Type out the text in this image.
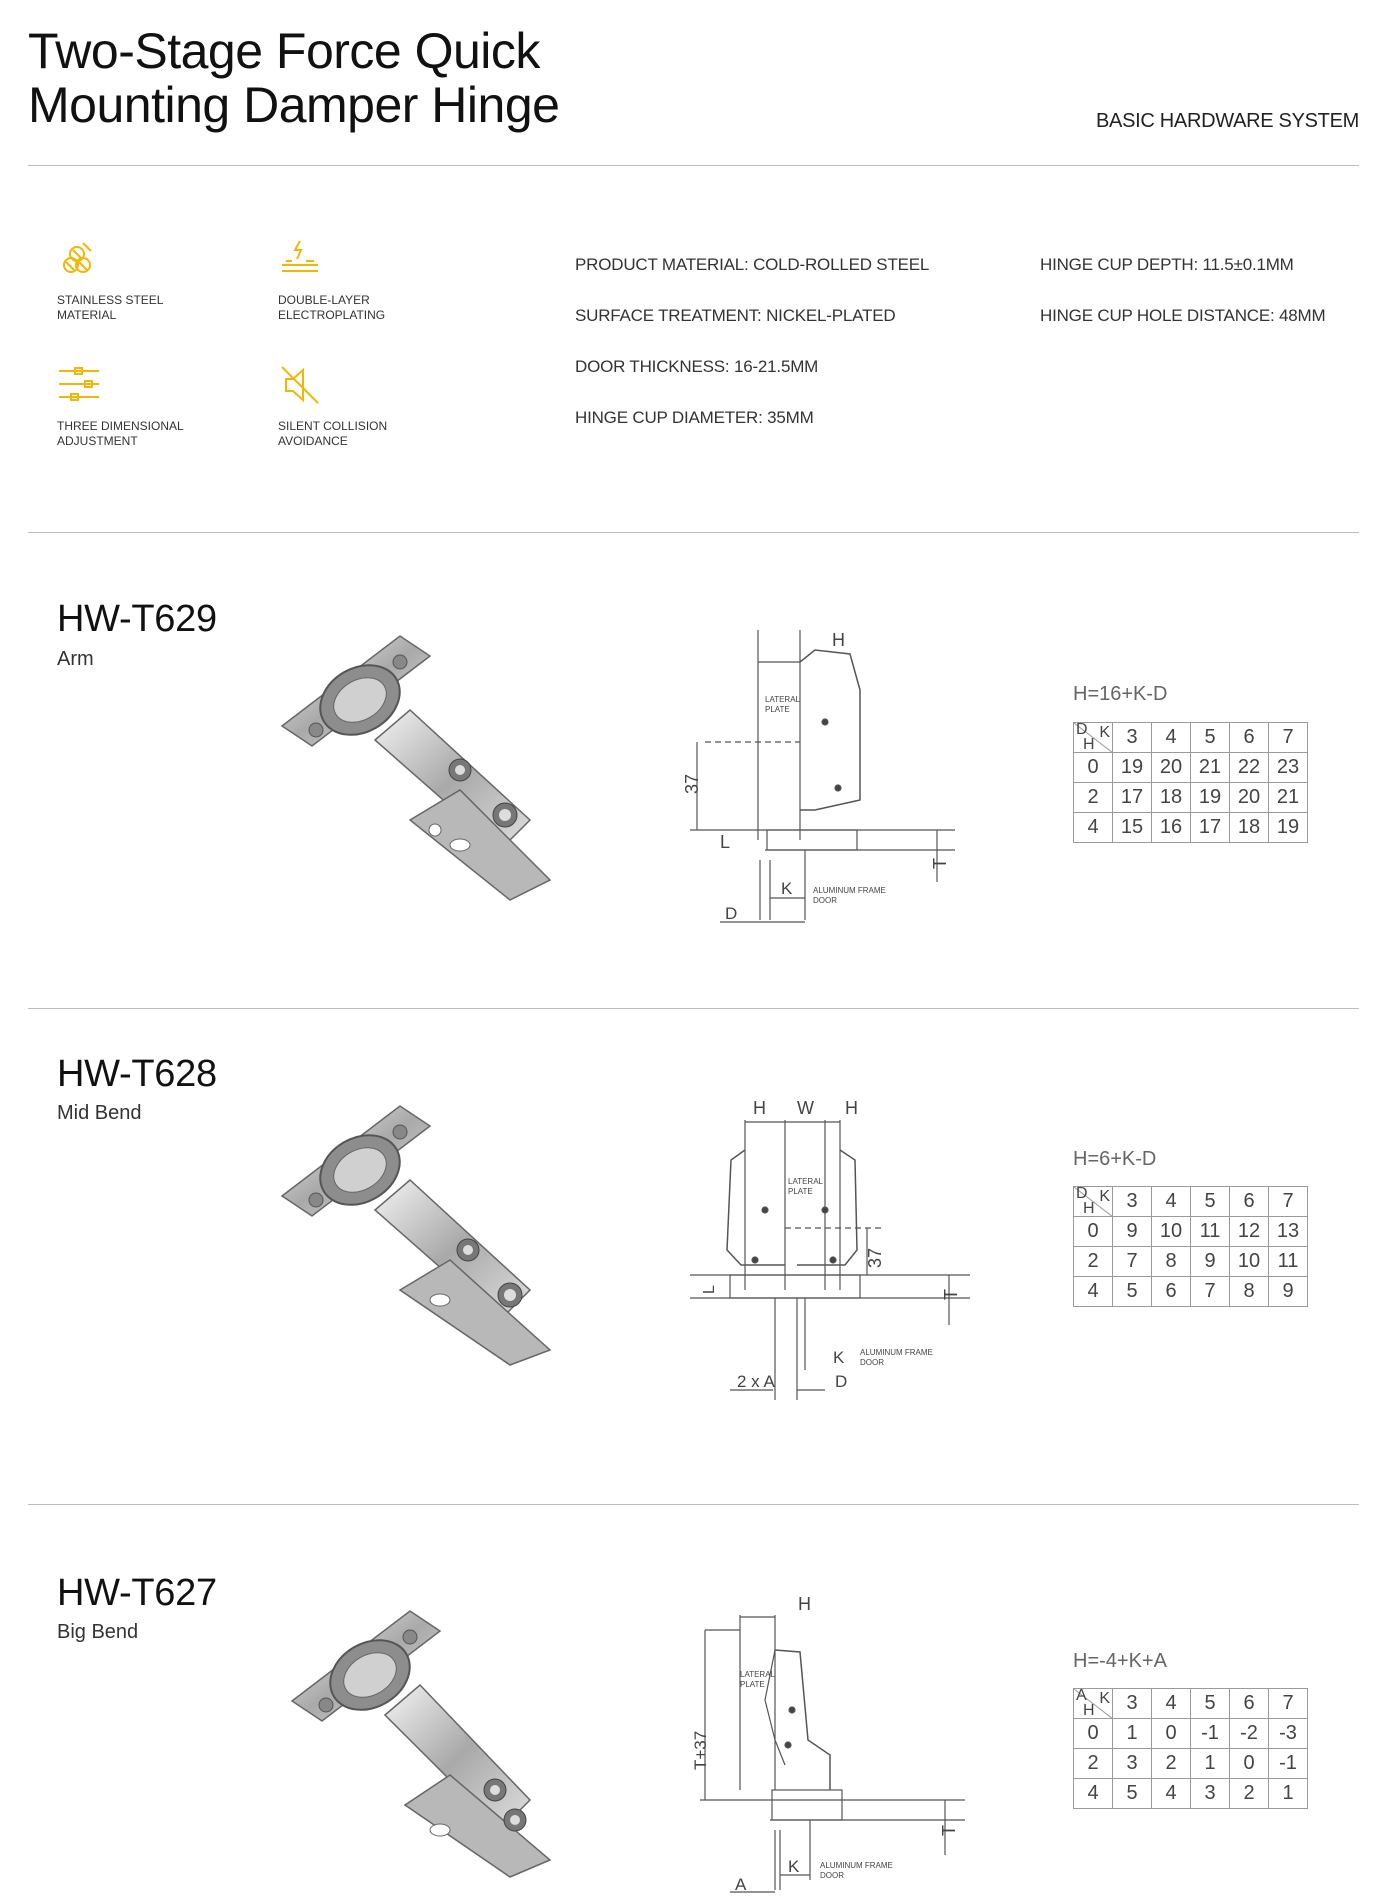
Two-Stage Force Quick
Mounting Damper Hinge	BASIC HARDWARE SYSTEM
STAINLESS STEEL
MATERIAL
DOUBLE-LAYER
ELECTROPLATING
THREE DIMENSIONAL
ADJUSTMENT
SILENT COLLISION
AVOIDANCE
PRODUCT MATERIAL: COLD-ROLLED STEEL
SURFACE TREATMENT: NICKEL-PLATED
DOOR THICKNESS: 16-21.5MM
HINGE CUP DIAMETER: 35MM
HINGE CUP DEPTH: 11.5±0.1MM
HINGE CUP HOLE DISTANCE: 48MM
HW-T629
Arm
H
LATERAL
PLATE
37
L
T
K	ALUMINUM FRAME
DOOR
D
H=16+K-D
D K
H	3	4	5	6	7
0	19	20	21	22	23
2	17	18	19	20	21
4	15	16	17	18	19
HW-T628
Mid Bend	H W H
LATERAL
PLATE
37
L	T
K ALUMINUM FRAME
DOOR
2 x A	D
H=6+K-D
D K
H	3	4	5	6	7
0	9	10	11	12	13
2	7	8	9	10	11
4	5	6	7	8	9
HW-T627
Big Bend
H
LATERAL
PLATE
T+37
T
K	ALUMINUM FRAME
DOOR
A
H=-4+K+A
A K
H	3	4	5	6	7
0	1	0	-1	-2	-3
2	3	2	1	0	-1
4	5	4	3	2	1
